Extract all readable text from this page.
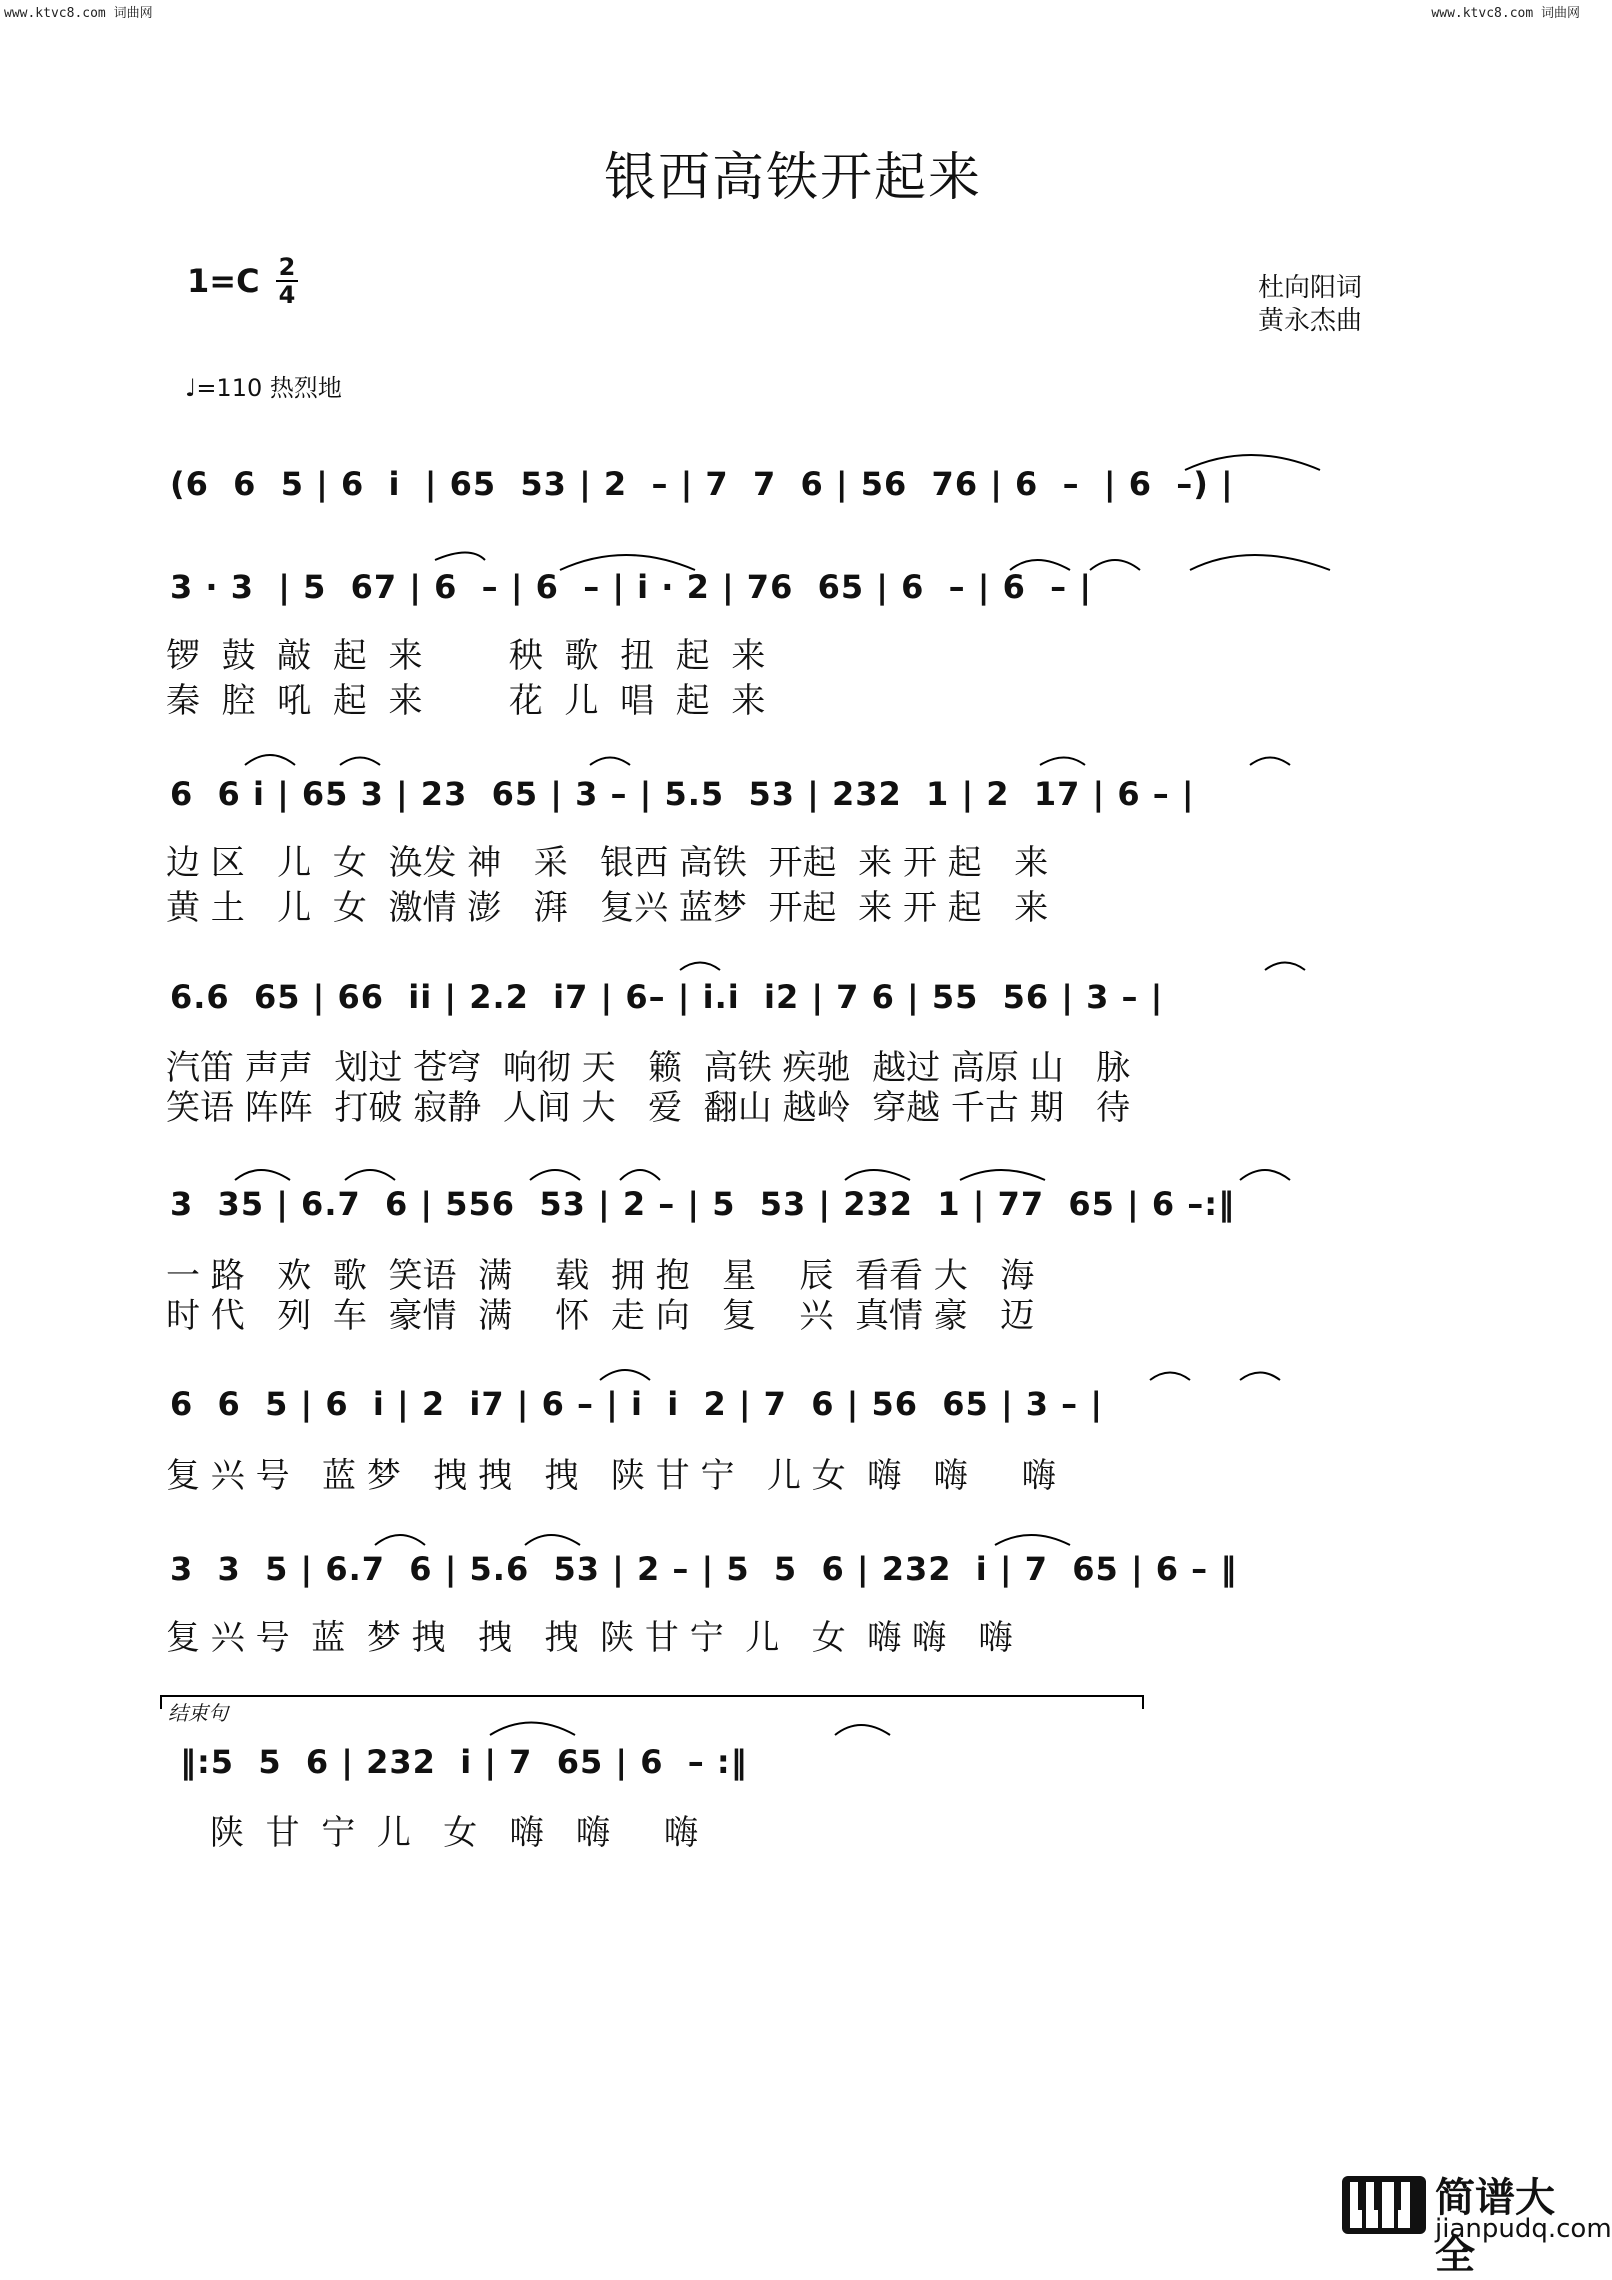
www.ktvc8.com 词曲网	www.ktvc8.com 词曲网
银西高铁开起来
1=C 2
4
♩=110 热烈地
杜向阳词
黄永杰曲
(6  6  5 | 6  i  | 65  53 | 2  – | 7  7  6 | 56  76 | 6  –  | 6  –) |
3 · 3  | 5  67 | 6  – | 6  – | i · 2 | 76  65 | 6  – | 6  – |
锣  鼓  敲  起  来        秧  歌  扭  起  来
秦  腔  吼  起  来        花  儿  唱  起  来
6  6 i | 65 3 | 23  65 | 3 – | 5.5  53 | 232  1 | 2  17 | 6 – |
边 区   儿  女  涣发 神   采   银西 高铁  开起  来 开 起   来
黄 土   儿  女  激情 澎   湃   复兴 蓝梦  开起  来 开 起   来
6.6  65 | 66  ii | 2.2  i7 | 6– | i.i  i2 | 7 6 | 55  56 | 3 – |
汽笛 声声  划过 苍穹  响彻 天   籁  高铁 疾驰  越过 高原 山   脉
笑语 阵阵  打破 寂静  人间 大   爱  翻山 越岭  穿越 千古 期   待
3  35 | 6.7  6 | 556  53 | 2 – | 5  53 | 232  1 | 77  65 | 6 –:‖
一 路   欢  歌  笑语  满    载  拥 抱   星    辰  看看 大   海
时 代   列  车  豪情  满    怀  走 向   复    兴  真情 豪   迈
6  6  5 | 6  i | 2  i7 | 6 – | i  i  2 | 7  6 | 56  65 | 3 – |
复 兴 号   蓝 梦   拽 拽   拽   陕 甘 宁   儿 女  嗨   嗨     嗨
3  3  5 | 6.7  6 | 5.6  53 | 2 – | 5  5  6 | 232  i | 7  65 | 6 – ‖
复 兴 号  蓝  梦 拽   拽   拽  陕 甘 宁  儿   女  嗨 嗨   嗨
结束句
‖:5  5  6 | 232  i | 7  65 | 6  – :‖
陕  甘  宁  儿   女   嗨   嗨     嗨
简谱大全
jianpudq.com
